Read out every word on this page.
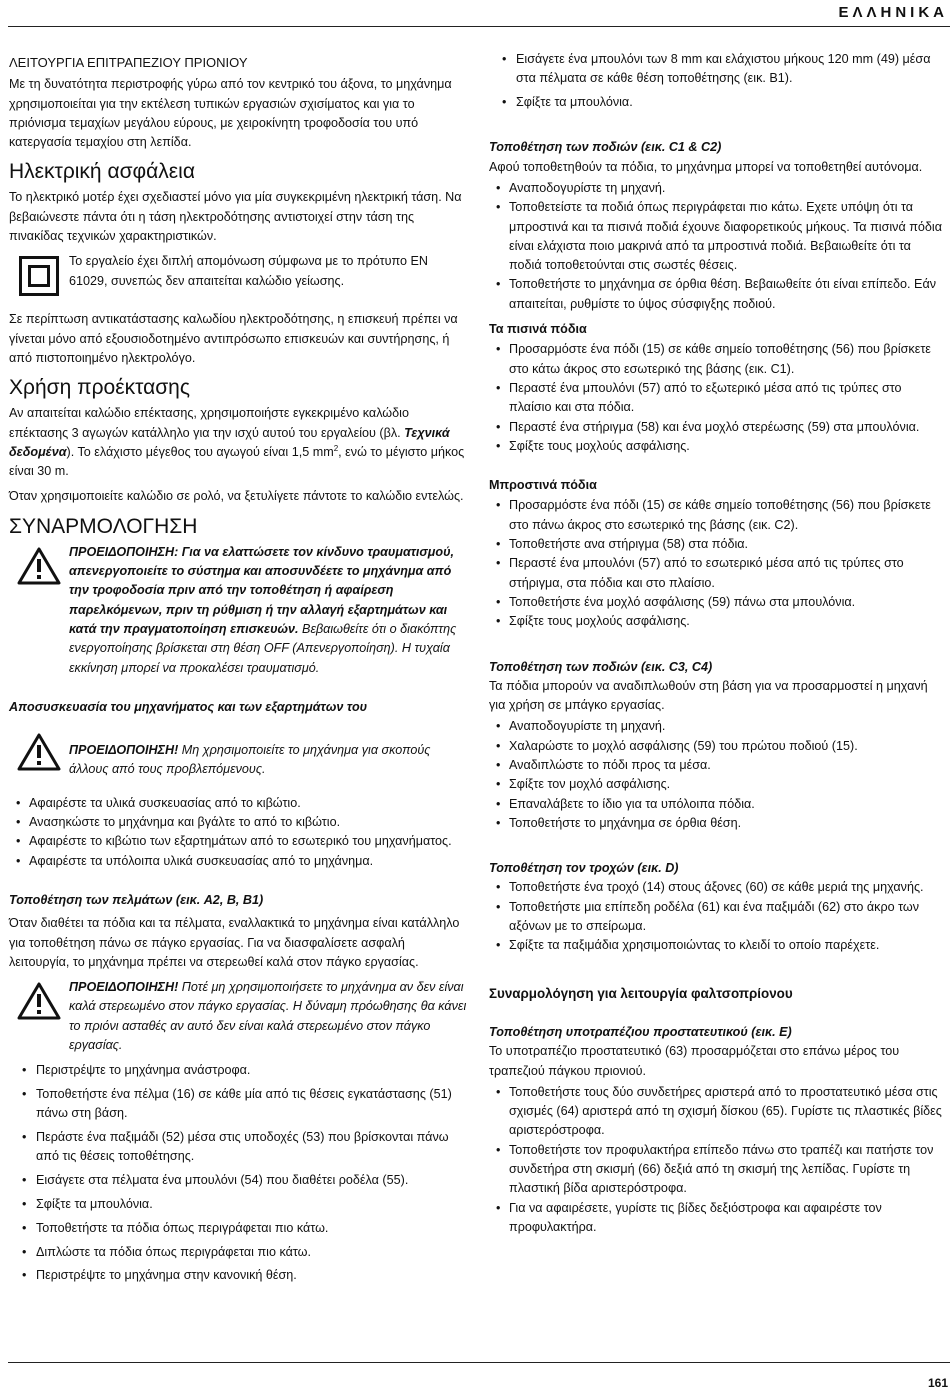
ΕΛΛΗΝΙΚΑ

ΛΕΙΤΟΥΡΓΙΑ ΕΠΙΤΡΑΠΕΖΙΟΥ ΠΡΙΟΝΙΟΥ

Με τη δυνατότητα περιστροφής γύρω από τον κεντρικό του άξονα, το μηχάνημα χρησιμοποιείται για την εκτέλεση τυπικών εργασιών σχισίματος και για το πριόνισμα τεμαχίων μεγάλου εύρους, με χειροκίνητη τροφοδοσία του υπό κατεργασία τεμαχίου στη λεπίδα.

Ηλεκτρική ασφάλεια

Το ηλεκτρικό μοτέρ έχει σχεδιαστεί μόνο για μία συγκεκριμένη ηλεκτρική τάση. Να βεβαιώνεστε πάντα ότι η τάση ηλεκτροδότησης αντιστοιχεί στην τάση της πινακίδας τεχνικών χαρακτηριστικών.

Το εργαλείο έχει διπλή απομόνωση σύμφωνα με το πρότυπο EN 61029, συνεπώς δεν απαιτείται καλώδιο γείωσης.

Σε περίπτωση αντικατάστασης καλωδίου ηλεκτροδότησης, η επισκευή πρέπει να γίνεται μόνο από εξουσιοδοτημένο αντιπρόσωπο επισκευών και συντήρησης, ή από πιστοποιημένο ηλεκτρολόγο.

Χρήση προέκτασης

Αν απαιτείται καλώδιο επέκτασης, χρησιμοποιήστε εγκεκριμένο καλώδιο επέκτασης 3 αγωγών κατάλληλο για την ισχύ αυτού του εργαλείου (βλ. Τεχνικά δεδομένα). Το ελάχιστο μέγεθος του αγωγού είναι 1,5 $mm^2$, ενώ το μέγιστο μήκος είναι 30 m.

Όταν χρησιμοποιείτε καλώδιο σε ρολό, να ξετυλίγετε πάντοτε το καλώδιο εντελώς.

ΣΥΝΑΡΜΟΛΟΓΗΣΗ
ΠΡΟΕΙΔΟΠΟΙΗΣΗ: Για να ελαττώσετε τον κίνδυνο τραυματισμού, απενεργοποιείτε το σύστημα και αποσυνδέετε το μηχάνημα από την τροφοδοσία πριν από την τοποθέτηση ή αφαίρεση παρελκόμενων, πριν τη ρύθμιση ή την αλλαγή εξαρτημάτων και κατά την πραγματοποίηση επισκευών. Βεβαιωθείτε ότι ο διακόπτης ενεργοποίησης βρίσκεται στη θέση OFF (Απενεργοποίηση). Η τυχαία εκκίνηση μπορεί να προκαλέσει τραυματισμό.

Αποσυσκευασία του μηχανήματος και των εξαρτημάτων του

ΠΡΟΕΙΔΟΠΟΙΗΣΗ! Μη χρησιμοποιείτε το μηχάνημα για σκοπούς άλλους από τους προβλεπόμενους.
• Αφαιρέστε τα υλικά συσκευασίας από το κιβώτιο.
• Ανασηκώστε το μηχάνημα και βγάλτε το από το κιβώτιο.
• Αφαιρέστε το κιβώτιο των εξαρτημάτων από το εσωτερικό του μηχανήματος.
• Αφαιρέστε τα υπόλοιπα υλικά συσκευασίας από το μηχάνημα.

Τοποθέτηση των πελμάτων (εικ. A2, B, B1)

Όταν διαθέτει τα πόδια και τα πέλματα, εναλλακτικά το μηχάνημα είναι κατάλληλο για τοποθέτηση πάνω σε πάγκο εργασίας. Για να διασφαλίσετε ασφαλή λειτουργία, το μηχάνημα πρέπει να στερεωθεί καλά στον πάγκο εργασίας.

ΠΡΟΕΙΔΟΠΟΙΗΣΗ! Ποτέ μη χρησιμοποιήσετε το μηχάνημα αν δεν είναι καλά στερεωμένο στον πάγκο εργασίας. Η δύναμη πρόωθησης θα κάνει το πριόνι ασταθές αν αυτό δεν είναι καλά στερεωμένο στον πάγκο εργασίας.
• Περιστρέψτε το μηχάνημα ανάστροφα.
• Τοποθετήστε ένα πέλμα (16) σε κάθε μία από τις θέσεις εγκατάστασης (51) πάνω στη βάση.
• Περάστε ένα παξιμάδι (52) μέσα στις υποδοχές (53) που βρίσκονται πάνω από τις θέσεις τοποθέτησης.
• Εισάγετε στα πέλματα ένα μπουλόνι (54) που διαθέτει ροδέλα (55).
• Σφίξτε τα μπουλόνια.
• Τοποθετήστε τα πόδια όπως περιγράφεται πιο κάτω.
• Διπλώστε τα πόδια όπως περιγράφεται πιο κάτω.
• Περιστρέψτε το μηχάνημα στην κανονική θέση.
• Εισάγετε ένα μπουλόνι των 8 mm και ελάχιστου μήκους 120 mm (49) μέσα στα πέλματα σε κάθε θέση τοποθέτησης (εικ. B1).
• Σφίξτε τα μπουλόνια.

Τοποθέτηση των ποδιών (εικ. C1 & C2)

Αφού τοποθετηθούν τα πόδια, το μηχάνημα μπορεί να τοποθετηθεί αυτόνομα.

• Αναποδογυρίστε τη μηχανή.
• Τοποθετείστε τα ποδιά όπως περιγράφεται πιο κάτω. Εχετε υπόψη ότι τα μπροστινά και τα πισινά ποδιά έχουνε διαφορετικούς μήκους. Τα πισινά πόδια είναι ελάχιστα ποιο μακρινά από τα μπροστινά ποδιά. Βεβαιωθείτε ότι τα ποδιά τοποθετούνται στις σωστές θέσεις.
• Τοποθετήστε το μηχάνημα σε όρθια θέση. Βεβαιωθείτε ότι είναι επίπεδο. Εάν απαιτείται, ρυθμίστε το ύψος σύσφιγξης ποδιού.

Τα πισινά πόδια

• Προσαρμόστε ένα πόδι (15) σε κάθε σημείο τοποθέτησης (56) που βρίσκετε στο κάτω άκρος στο εσωτερικό της βάσης (εικ. C1).
• Περαστέ ένα μπουλόνι (57) από το εξωτερικό μέσα από τις τρύπες στο πλαίσιο και στα πόδια.
• Περαστέ ένα στήριγμα (58) και ένα μοχλό στερέωσης (59) στα μπουλόνια.
• Σφίξτε τους μοχλούς ασφάλισης.

Μπροστινά πόδια

• Προσαρμόστε ένα πόδι (15) σε κάθε σημείο τοποθέτησης (56) που βρίσκετε στο πάνω άκρος στο εσωτερικό της βάσης (εικ. C2).
• Τοποθετήστε ανα στήριγμα (58) στα πόδια.
• Περαστέ ένα μπουλόνι (57) από το εσωτερικό μέσα από τις τρύπες στο στήριγμα, στα πόδια και στο πλαίσιο.
• Τοποθετήστε ένα μοχλό ασφάλισης (59) πάνω στα μπουλόνια.
• Σφίξτε τους μοχλούς ασφάλισης.

Τοποθέτηση των ποδιών (εικ. C3, C4)

Τα πόδια μπορούν να αναδιπλωθούν στη βάση για να προσαρμοστεί η μηχανή για χρήση σε μπάγκο εργασίας.

• Αναποδογυρίστε τη μηχανή.
• Χαλαρώστε το μοχλό ασφάλισης (59) του πρώτου ποδιού (15).
• Αναδιπλώστε το πόδι προς τα μέσα.
• Σφίξτε τον μοχλό ασφάλισης.
• Επαναλάβετε το ίδιο για τα υπόλοιπα πόδια.
• Τοποθετήστε το μηχάνημα σε όρθια θέση.

Τοποθέτηση τον τροχών (εικ. D)

• Τοποθετήστε ένα τροχό (14) στους άξονες (60) σε κάθε μεριά της μηχανής.
• Τοποθετήστε μια επίπεδη ροδέλα (61) και ένα παξιμάδι (62) στο άκρο των αξόνων με το σπείρωμα.
• Σφίξτε τα παξιμάδια χρησιμοποιώντας το κλειδί το οποίο παρέχετε.

Συναρμολόγηση για λειτουργία φαλτσοπρίονου

Τοποθέτηση υποτραπέζιου προστατευτικού (εικ. E)

Το υποτραπέζιο προστατευτικό (63) προσαρμόζεται στο επάνω μέρος του τραπεζιού πάγκου πριονιού.

• Τοποθετήστε τους δύο συνδετήρες αριστερά από το προστατευτικό μέσα στις σχισμές (64) αριστερά από τη σχισμή δίσκου (65). Γυρίστε τις πλαστικές βίδες αριστερόστροφα.
• Τοποθετήστε τον προφυλακτήρα επίπεδο πάνω στο τραπέζι και πατήστε τον συνδετήρα στη σκισμή (66) δεξιά από τη σκισμή της λεπίδας. Γυρίστε τη πλαστική βίδα αριστερόστροφα.
• Για να αφαιρέσετε, γυρίστε τις βίδες δεξιόστροφα και αφαιρέστε τον προφυλακτήρα.
161
